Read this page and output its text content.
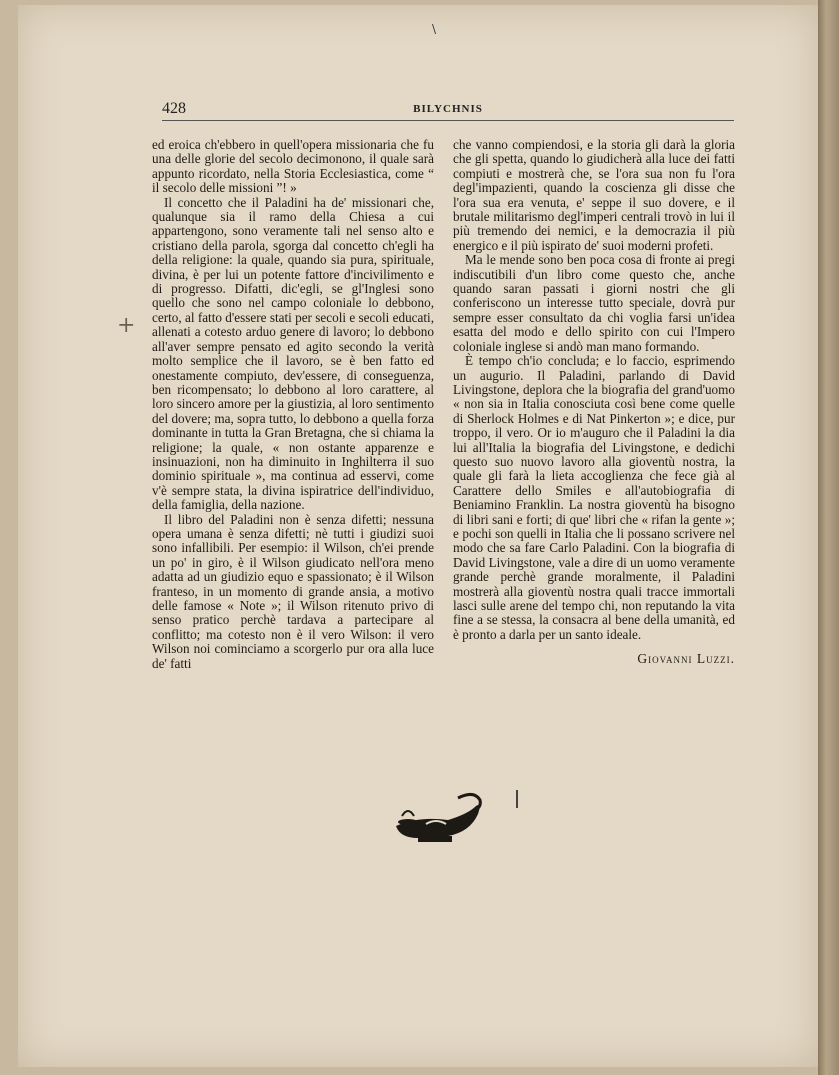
\
428	BILYCHNIS
+

ed eroica ch'ebbero in quell'opera missionaria che fu una delle glorie del secolo decimonono, il quale sarà appunto ricordato, nella Storia Ecclesiastica, come “ il secolo delle missioni ”! »

Il concetto che il Paladini ha de' missionari che, qualunque sia il ramo della Chiesa a cui appartengono, sono veramente tali nel senso alto e cristiano della parola, sgorga dal concetto ch'egli ha della religione: la quale, quando sia pura, spirituale, divina, è per lui un potente fattore d'incivilimento e di progresso. Difatti, dic'egli, se gl'Inglesi sono quello che sono nel campo coloniale lo debbono, certo, al fatto d'essere stati per secoli e secoli educati, allenati a cotesto arduo genere di lavoro; lo debbono all'aver sempre pensato ed agito secondo la verità molto semplice che il lavoro, se è ben fatto ed onestamente compiuto, dev'essere, di conseguenza, ben ricompensato; lo debbono al loro carattere, al loro sincero amore per la giustizia, al loro sentimento del dovere; ma, sopra tutto, lo debbono a quella forza dominante in tutta la Gran Bretagna, che si chiama la religione; la quale, « non ostante apparenze e insinuazioni, non ha diminuito in Inghilterra il suo dominio spirituale », ma continua ad esservi, come v'è sempre stata, la divina ispiratrice dell'individuo, della famiglia, della nazione.

Il libro del Paladini non è senza difetti; nessuna opera umana è senza difetti; nè tutti i giudizi suoi sono infallibili. Per esempio: il Wilson, ch'ei prende un po' in giro, è il Wilson giudicato nell'ora meno adatta ad un giudizio equo e spassionato; è il Wilson franteso, in un momento di grande ansia, a motivo delle famose « Note »; il Wilson ritenuto privo di senso pratico perchè tardava a partecipare al conflitto; ma cotesto non è il vero Wilson: il vero Wilson noi cominciamo a scorgerlo pur ora alla luce de' fatti

che vanno compiendosi, e la storia gli darà la gloria che gli spetta, quando lo giudicherà alla luce dei fatti compiuti e mostrerà che, se l'ora sua non fu l'ora degl'impazienti, quando la coscienza gli disse che l'ora sua era venuta, e' seppe il suo dovere, e il brutale militarismo degl'imperi centrali trovò in lui il più tremendo dei nemici, e la democrazia il più energico e il più ispirato de' suoi moderni profeti.

Ma le mende sono ben poca cosa di fronte ai pregi indiscutibili d'un libro come questo che, anche quando saran passati i giorni nostri che gli conferiscono un interesse tutto speciale, dovrà pur sempre esser consultato da chi voglia farsi un'idea esatta del modo e dello spirito con cui l'Impero coloniale inglese si andò man mano formando.

È tempo ch'io concluda; e lo faccio, esprimendo un augurio. Il Paladini, parlando di David Livingstone, deplora che la biografia del grand'uomo « non sia in Italia conosciuta così bene come quelle di Sherlock Holmes e di Nat Pinkerton »; e dice, pur troppo, il vero. Or io m'auguro che il Paladini la dia lui all'Italia la biografia del Livingstone, e dedichi questo suo nuovo lavoro alla gioventù nostra, la quale gli farà la lieta accoglienza che fece già al Carattere dello Smiles e all'autobiografia di Beniamino Franklin. La nostra gioventù ha bisogno di libri sani e forti; di que' libri che « rifan la gente »; e pochi son quelli in Italia che li possano scrivere nel modo che sa fare Carlo Paladini. Con la biografia di David Livingstone, vale a dire di un uomo veramente grande perchè grande moralmente, il Paladini mostrerà alla gioventù nostra quali tracce immortali lasci sulle arene del tempo chi, non reputando la vita fine a se stessa, la consacra al bene della umanità, ed è pronto a darla per un santo ideale.

Giovanni Luzzi.
